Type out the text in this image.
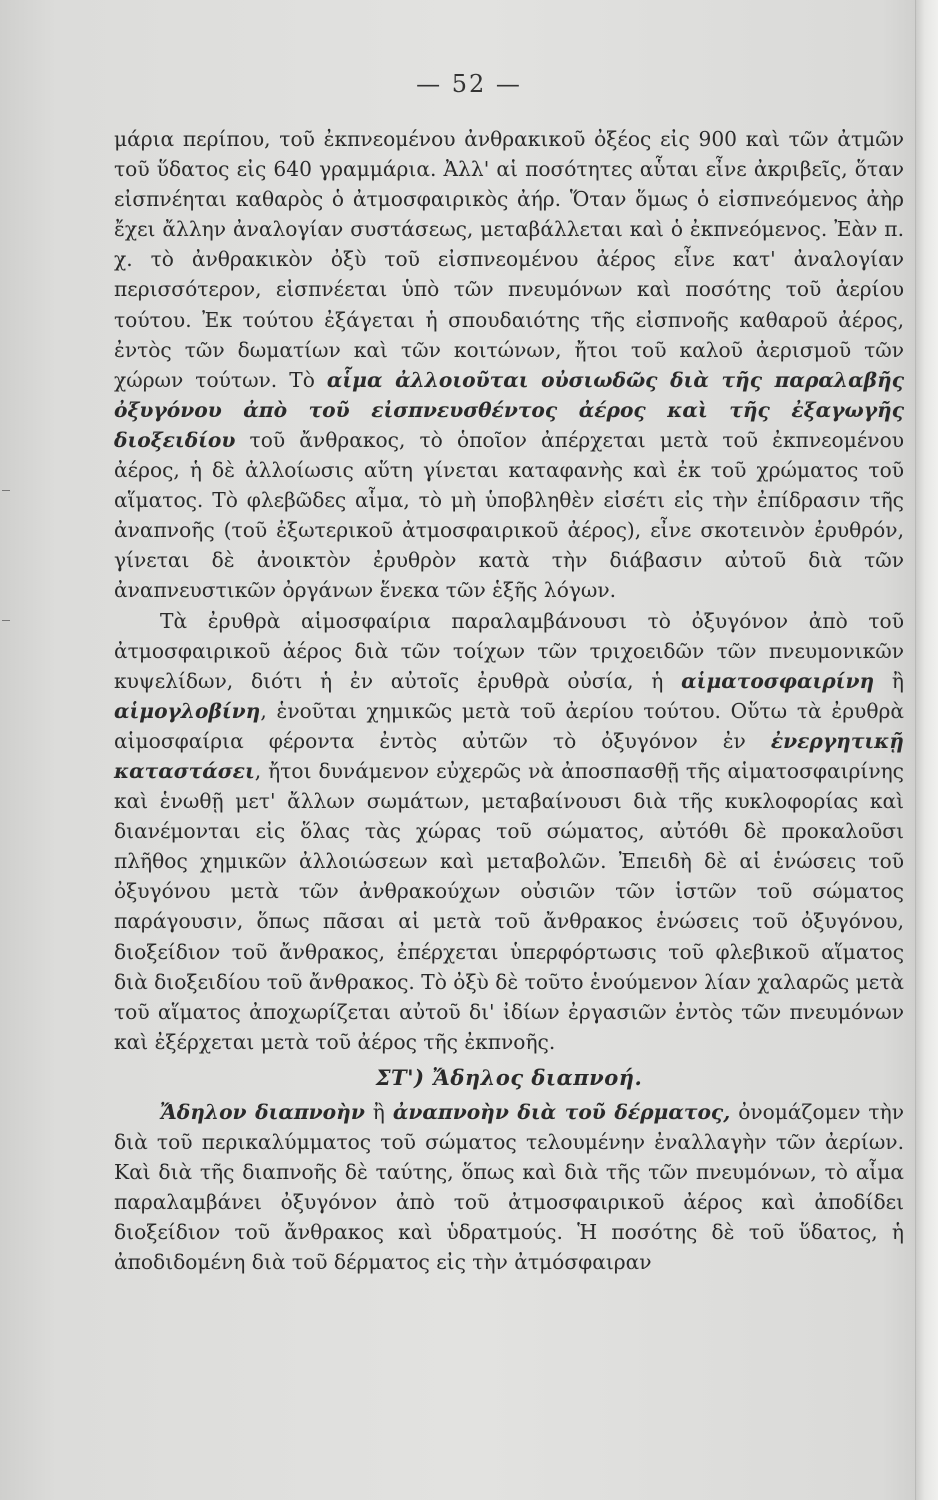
— 52 —

μάρια περίπου, τοῦ ἐκπνεομένου ἀνθρακικοῦ ὀξέος εἰς 900 καὶ τῶν ἀτμῶν τοῦ ὕδατος εἰς 640 γραμμάρια. Ἀλλ' αἱ ποσότητες αὗται εἶνε ἀκριβεῖς, ὅταν εἰσπνέηται καθαρὸς ὁ ἀτμοσφαιρικὸς ἀήρ. Ὅταν ὅμως ὁ εἰσπνεόμενος ἀὴρ ἔχει ἄλλην ἀναλογίαν συστάσεως, μεταβάλλεται καὶ ὁ ἐκπνεόμενος. Ἐὰν π. χ. τὸ ἀνθρακικὸν ὀξὺ τοῦ εἰσπνεομένου ἀέρος εἶνε κατ' ἀναλογίαν περισσότερον, εἰσπνέεται ὑπὸ τῶν πνευμόνων καὶ ποσότης τοῦ ἀερίου τούτου. Ἐκ τούτου ἐξάγεται ἡ σπουδαιότης τῆς εἰσπνοῆς καθαροῦ ἀέρος, ἐντὸς τῶν δωματίων καὶ τῶν κοιτώνων, ἤτοι τοῦ καλοῦ ἀερισμοῦ τῶν χώρων τούτων. Τὸ αἷμα ἀλλοιοῦται οὐσιωδῶς διὰ τῆς παραλαβῆς ὀξυγόνου ἀπὸ τοῦ εἰσπνευσθέντος ἀέρος καὶ τῆς ἐξαγωγῆς διοξειδίου τοῦ ἄνθρακος, τὸ ὁποῖον ἀπέρχεται μετὰ τοῦ ἐκπνεομένου ἀέρος, ἡ δὲ ἀλλοίωσις αὕτη γίνεται καταφανὴς καὶ ἐκ τοῦ χρώματος τοῦ αἵματος. Τὸ φλεβῶδες αἷμα, τὸ μὴ ὑποβληθὲν εἰσέτι εἰς τὴν ἐπίδρασιν τῆς ἀναπνοῆς (τοῦ ἐξωτερικοῦ ἀτμοσφαιρικοῦ ἀέρος), εἶνε σκοτεινὸν ἐρυθρόν, γίνεται δὲ ἀνοικτὸν ἐρυθρὸν κατὰ τὴν διάβασιν αὐτοῦ διὰ τῶν ἀναπνευστικῶν ὀργάνων ἕνεκα τῶν ἑξῆς λόγων.

Τὰ ἐρυθρὰ αἱμοσφαίρια παραλαμβάνουσι τὸ ὀξυγόνον ἀπὸ τοῦ ἀτμοσφαιρικοῦ ἀέρος διὰ τῶν τοίχων τῶν τριχοειδῶν τῶν πνευμονικῶν κυψελίδων, διότι ἡ ἐν αὐτοῖς ἐρυθρὰ οὐσία, ἡ αἱματοσφαιρίνη ἢ αἱμογλοβίνη, ἑνοῦται χημικῶς μετὰ τοῦ ἀερίου τούτου. Οὕτω τὰ ἐρυθρὰ αἱμοσφαίρια φέροντα ἐντὸς αὐτῶν τὸ ὀξυγόνον ἐν ἐνεργητικῇ καταστάσει, ἤτοι δυνάμενον εὐχερῶς νὰ ἀποσπασθῇ τῆς αἱματοσφαιρίνης καὶ ἑνωθῇ μετ' ἄλλων σωμάτων, μεταβαίνουσι διὰ τῆς κυκλοφορίας καὶ διανέμονται εἰς ὅλας τὰς χώρας τοῦ σώματος, αὐτόθι δὲ προκαλοῦσι πλῆθος χημικῶν ἀλλοιώσεων καὶ μεταβολῶν. Ἐπειδὴ δὲ αἱ ἑνώσεις τοῦ ὀξυγόνου μετὰ τῶν ἀνθρακούχων οὐσιῶν τῶν ἱστῶν τοῦ σώματος παράγουσιν, ὅπως πᾶσαι αἱ μετὰ τοῦ ἄνθρακος ἑνώσεις τοῦ ὀξυγόνου, διοξείδιον τοῦ ἄνθρακος, ἐπέρχεται ὑπερφόρτωσις τοῦ φλεβικοῦ αἵματος διὰ διοξειδίου τοῦ ἄνθρακος. Τὸ ὀξὺ δὲ τοῦτο ἑνούμενον λίαν χαλαρῶς μετὰ τοῦ αἵματος ἀποχωρίζεται αὐτοῦ δι' ἰδίων ἐργασιῶν ἐντὸς τῶν πνευμόνων καὶ ἐξέρχεται μετὰ τοῦ ἀέρος τῆς ἐκπνοῆς.

ΣΤ') Ἄδηλος διαπνοή.

Ἄδηλον διαπνοὴν ἢ ἀναπνοὴν διὰ τοῦ δέρματος, ὀνομάζομεν τὴν διὰ τοῦ περικαλύμματος τοῦ σώματος τελουμένην ἐναλλαγὴν τῶν ἀερίων. Καὶ διὰ τῆς διαπνοῆς δὲ ταύτης, ὅπως καὶ διὰ τῆς τῶν πνευμόνων, τὸ αἷμα παραλαμβάνει ὀξυγόνον ἀπὸ τοῦ ἀτμοσφαιρικοῦ ἀέρος καὶ ἀποδίδει διοξείδιον τοῦ ἄνθρακος καὶ ὑδρατμούς. Ἡ ποσότης δὲ τοῦ ὕδατος, ἡ ἀποδιδομένη διὰ τοῦ δέρματος εἰς τὴν ἀτμόσφαιραν
